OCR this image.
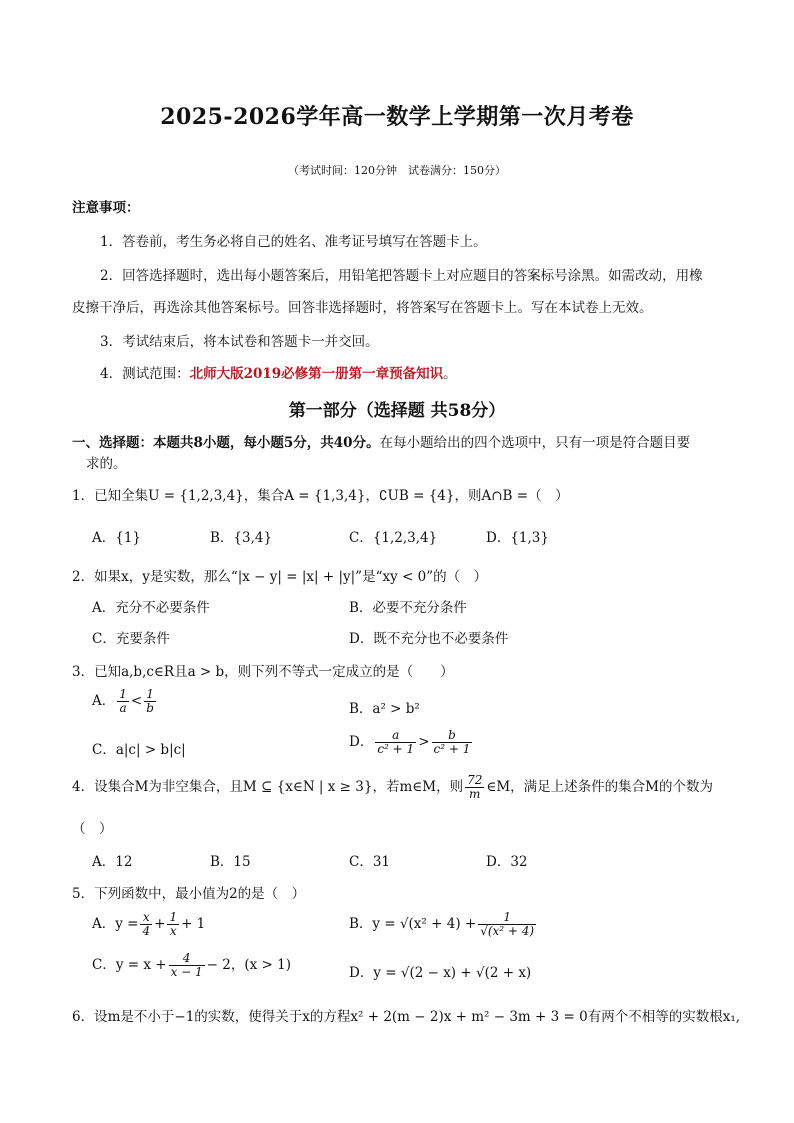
2025-2026学年高一数学上学期第一次月考卷
（考试时间：120分钟　试卷满分：150分）
注意事项：
1．答卷前，考生务必将自己的姓名、准考证号填写在答题卡上。
2．回答选择题时，选出每小题答案后，用铅笔把答题卡上对应题目的答案标号涂黑。如需改动，用橡
皮擦干净后，再选涂其他答案标号。回答非选择题时，将答案写在答题卡上。写在本试卷上无效。
3．考试结束后，将本试卷和答题卡一并交回。
4．测试范围：北师大版2019必修第一册第一章预备知识。
第一部分（选择题 共58分）
一、选择题：本题共8小题，每小题5分，共40分。在每小题给出的四个选项中，只有一项是符合题目要
求的。
1．已知全集U = {1,2,3,4}，集合A = {1,3,4}，∁UB = {4}，则A∩B =（　）
A．{1}	B．{3,4}	C．{1,2,3,4}	D．{1,3}
2．如果x，y是实数，那么“|x − y| = |x| + |y|”是“xy < 0”的（　）
A．充分不必要条件	B．必要不充分条件
C．充要条件	D．既不充分也不必要条件
3．已知a,b,c∈R且a > b，则下列不等式一定成立的是（　　）
A． $\frac{1}{a} < \frac{1}{b}$	B．a² > b²
C．a|c| > b|c|	D． $\frac{a}{\text{c² + 1}} > \frac{b}{\text{c² + 1}}$
4．设集合M为非空集合，且M ⊆ {x∈N | x ≥ 3}，若m∈M，则 $\frac{72}{m}$ ∈M，满足上述条件的集合M的个数为
（　）
A．12	B．15	C．31	D．32
5．下列函数中，最小值为2的是（　）
A．$y = \frac{x}{4} + \frac{1}{x} + 1$	B．$y = √(x^2 + 4) + \frac{1}{\text{√(x² + 4)}}$
C．$y = x + \frac{4}{x - 1} - 2$，(x > 1)	D．y = √(2 − x) + √(2 + x)
6．设m是不小于−1的实数，使得关于x的方程x² + 2(m − 2)x + m² − 3m + 3 = 0有两个不相等的实数根x₁,
